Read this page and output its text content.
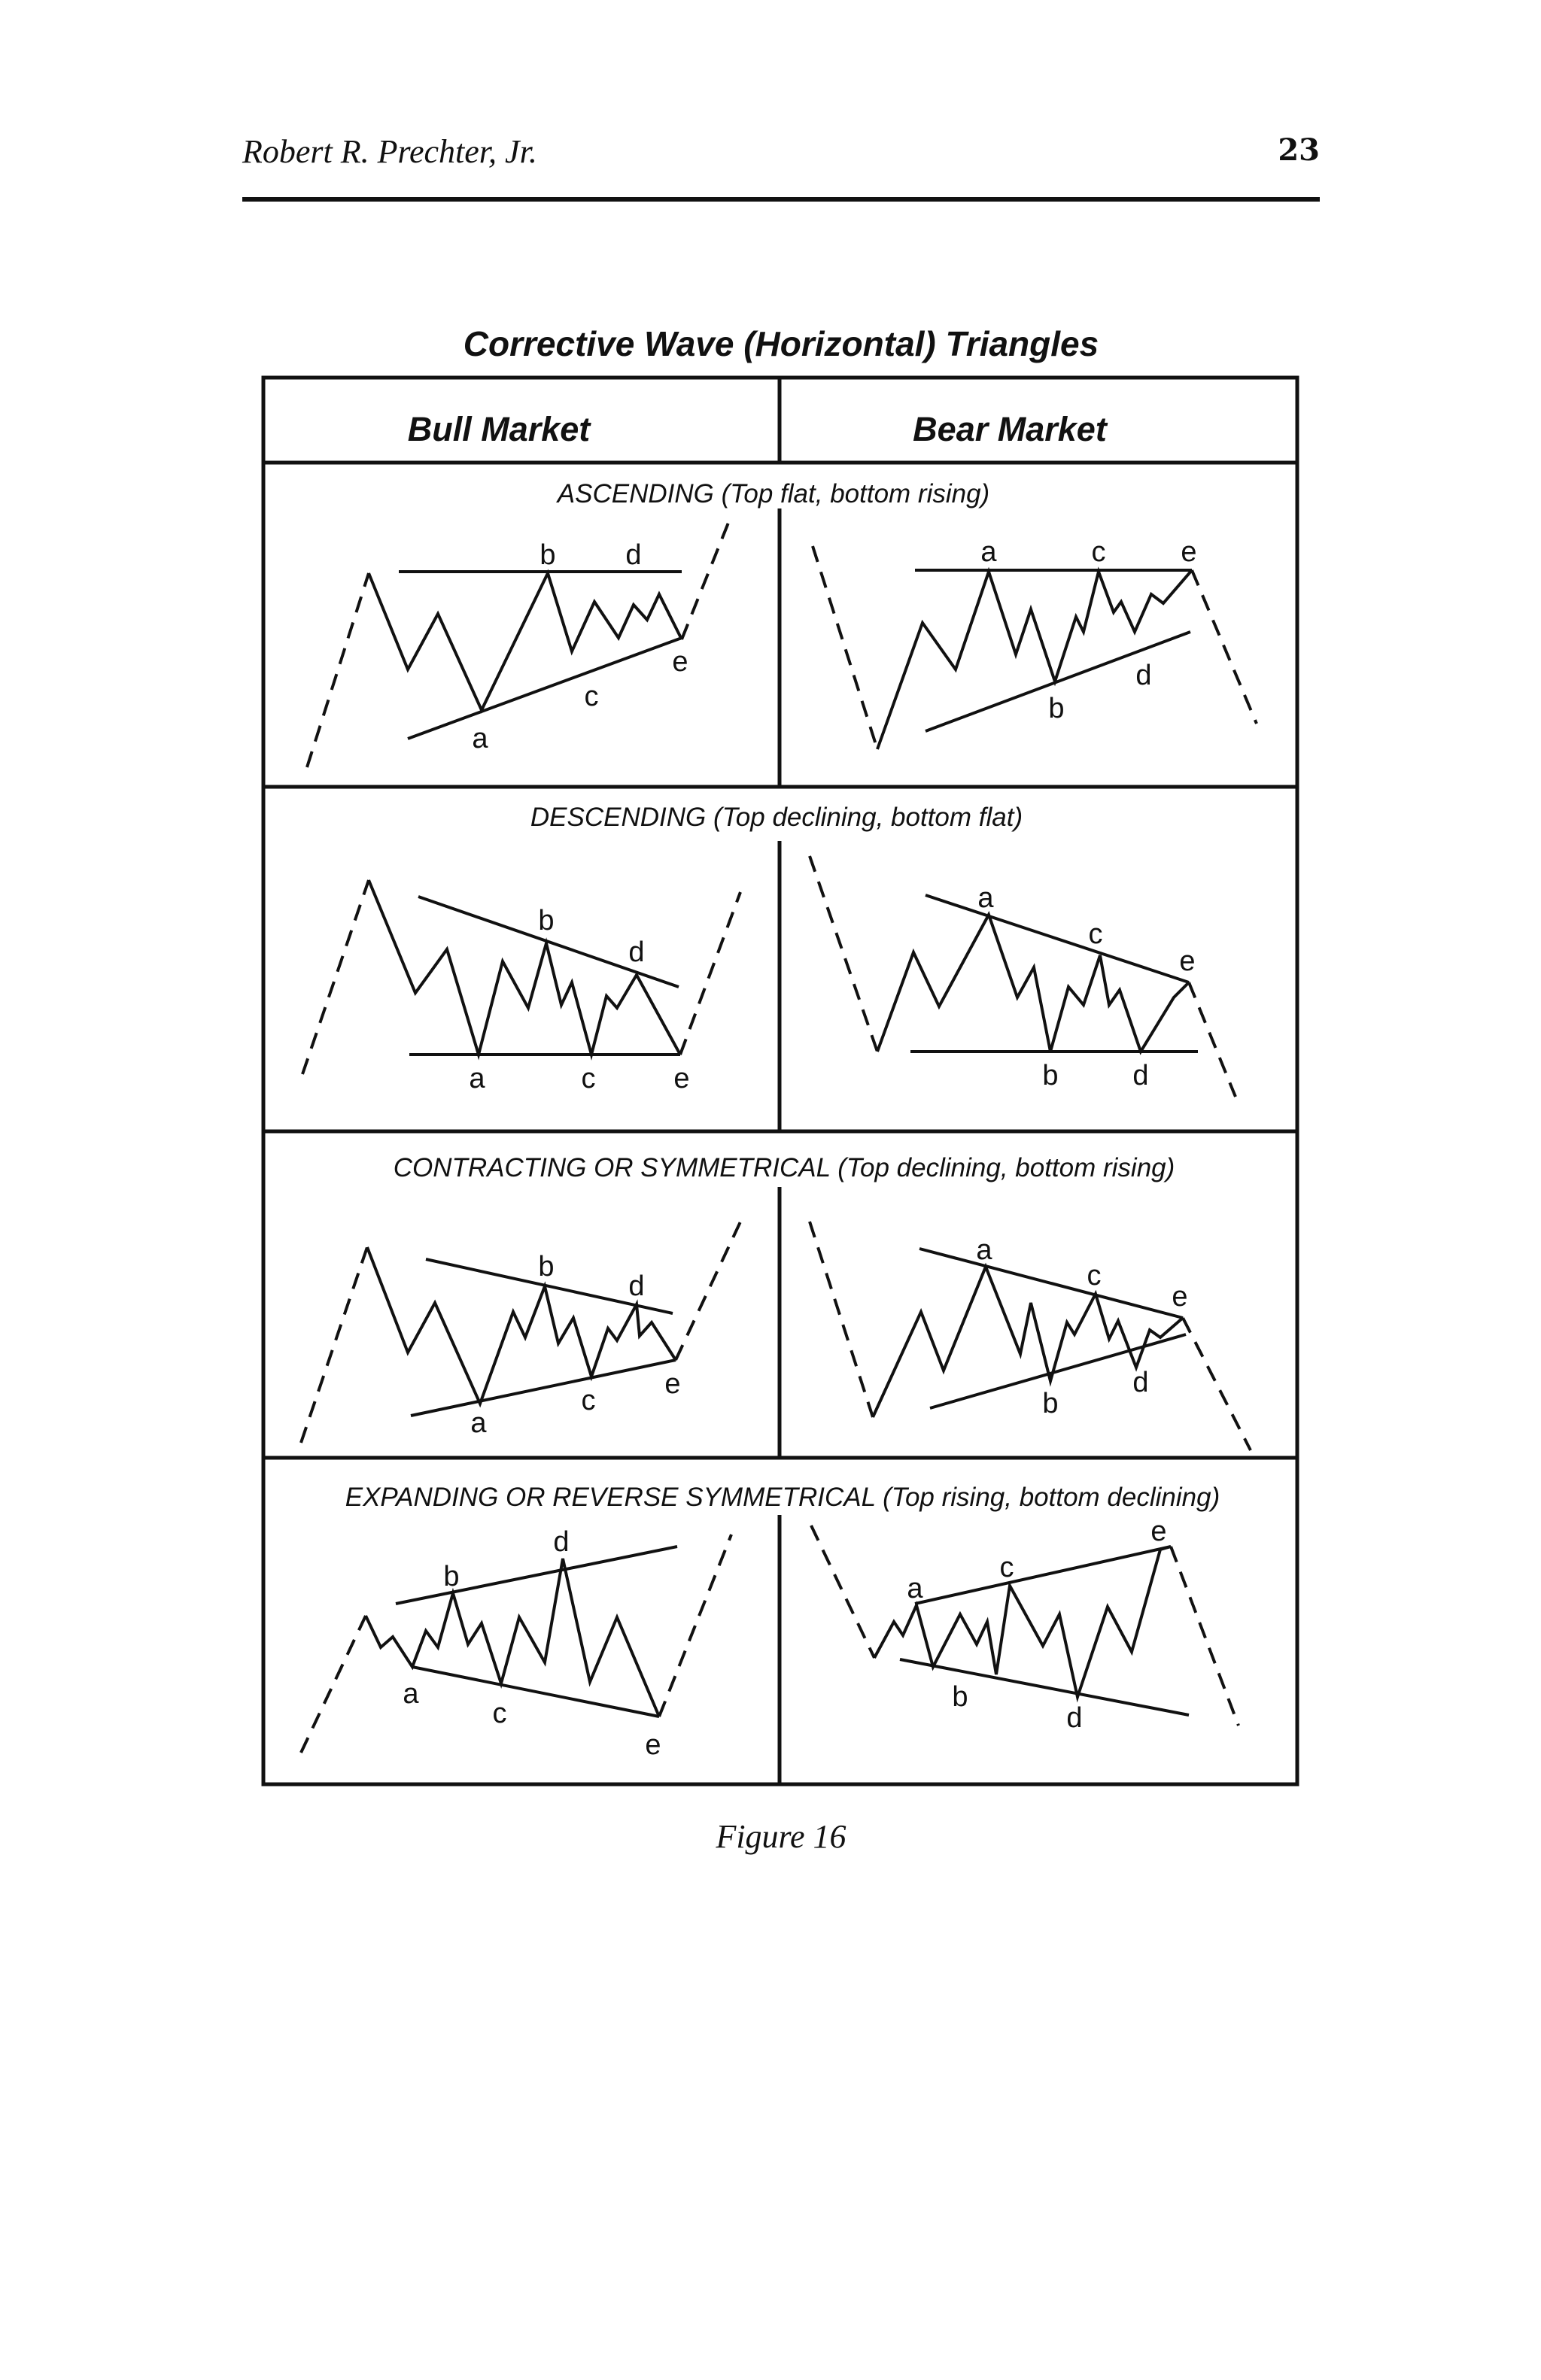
Robert R. Prechter, Jr.	23
Corrective Wave (Horizontal) Triangles
Bull Market	Bear Market
ASCENDING (Top flat, bottom rising)
DESCENDING (Top declining, bottom flat)
CONTRACTING OR SYMMETRICAL (Top declining, bottom rising)
EXPANDING OR REVERSE SYMMETRICAL (Top rising, bottom declining)
a
b
c
d
e
a
b
c
d
e
a
b
c
d
e
a
b
c
d
e
a
b
c
d
e
a
b
c
d
e
a
b
c
d
e
a
b
c
d
e
Figure 16
